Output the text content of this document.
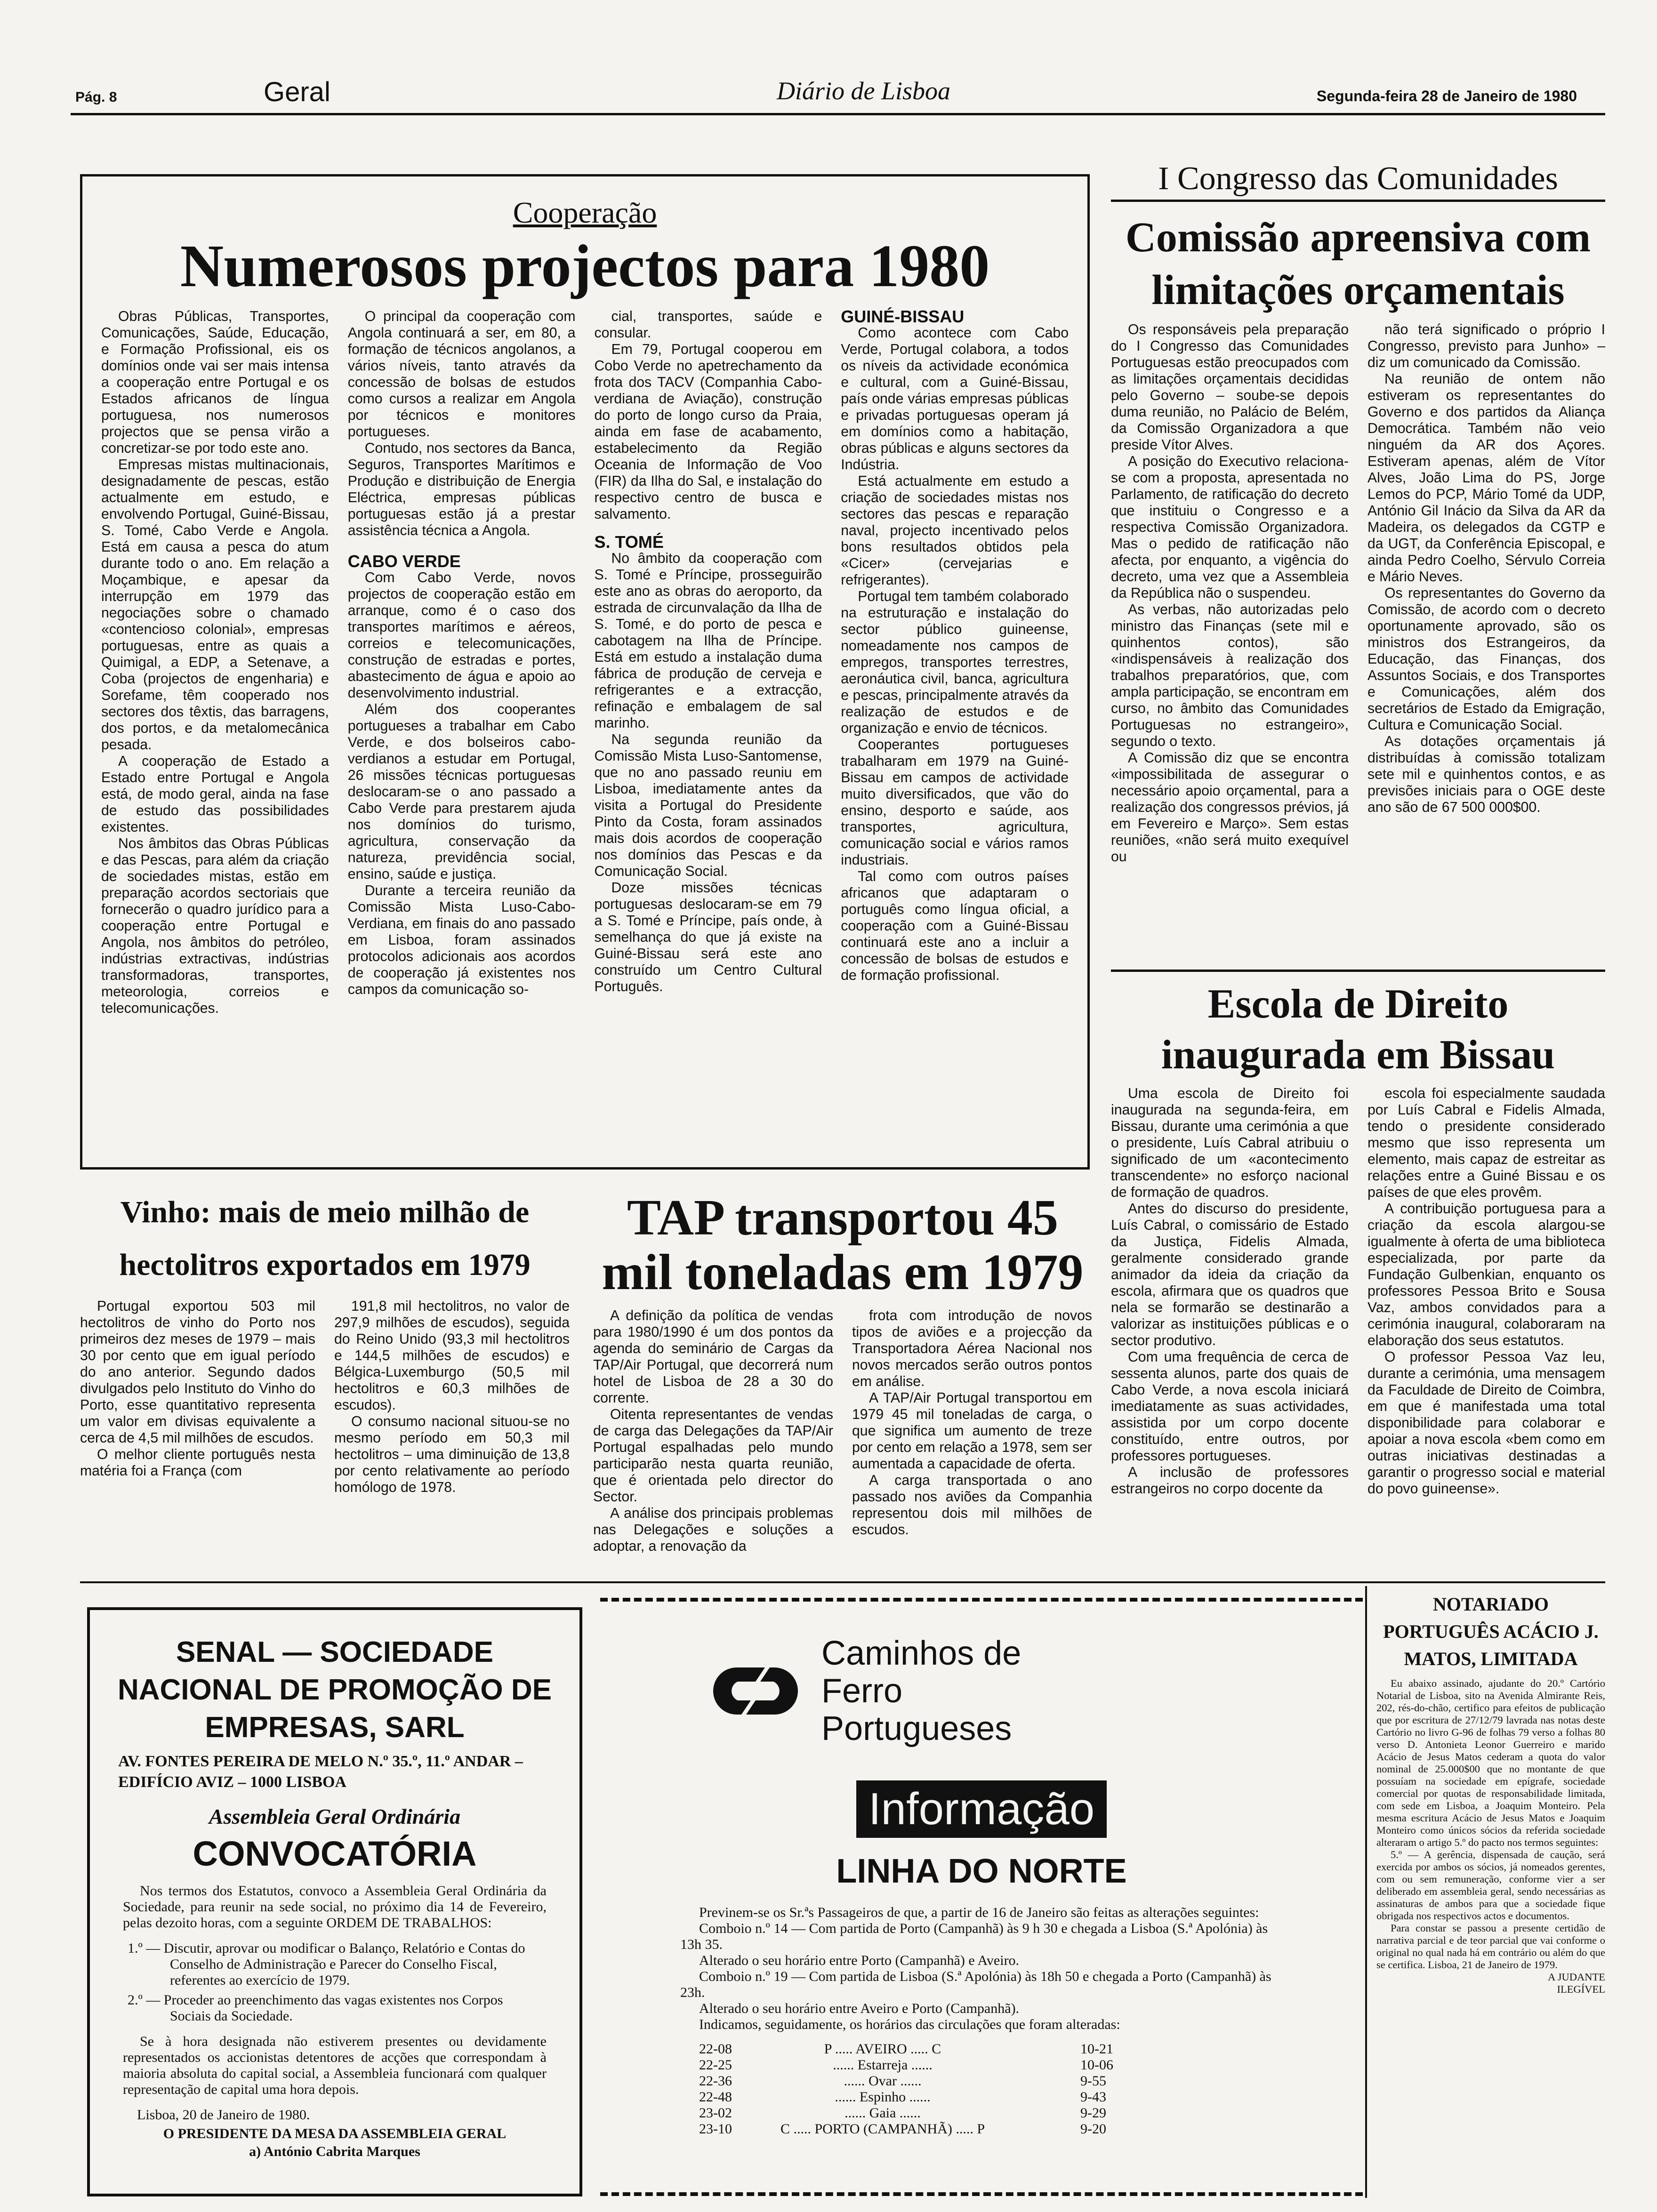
Pág. 8	Geral	Diário de Lisboa	Segunda-feira 28 de Janeiro de 1980
Cooperação
Numerosos projectos para 1980

Obras Públicas, Transportes, Comunicações, Saúde, Educação, e Formação Profissional, eis os domínios onde vai ser mais intensa a cooperação entre Portugal e os Estados africanos de língua portuguesa, nos numerosos projectos que se pensa virão a concretizar-se por todo este ano.

Empresas mistas multinacionais, designadamente de pescas, estão actualmente em estudo, e envolvendo Portugal, Guiné-Bissau, S. Tomé, Cabo Verde e Angola. Está em causa a pesca do atum durante todo o ano. Em relação a Moçambique, e apesar da interrupção em 1979 das negociações sobre o chamado «contencioso colonial», empresas portuguesas, entre as quais a Quimigal, a EDP, a Setenave, a Coba (projectos de engenharia) e Sorefame, têm cooperado nos sectores dos têxtis, das barragens, dos portos, e da metalomecânica pesada.

A cooperação de Estado a Estado entre Portugal e Angola está, de modo geral, ainda na fase de estudo das possibilidades existentes.

Nos âmbitos das Obras Públicas e das Pescas, para além da criação de sociedades mistas, estão em preparação acordos sectoriais que fornecerão o quadro jurídico para a cooperação entre Portugal e Angola, nos âmbitos do petróleo, indústrias extractivas, indústrias transformadoras, transportes, meteorologia, correios e telecomunicações.

O principal da cooperação com Angola continuará a ser, em 80, a formação de técnicos angolanos, a vários níveis, tanto através da concessão de bolsas de estudos como cursos a realizar em Angola por técnicos e monitores portugueses.

Contudo, nos sectores da Banca, Seguros, Transportes Marítimos e Produção e distribuição de Energia Eléctrica, empresas públicas portuguesas estão já a prestar assistência técnica a Angola.

CABO VERDE

Com Cabo Verde, novos projectos de cooperação estão em arranque, como é o caso dos transportes marítimos e aéreos, correios e telecomunicações, construção de estradas e portes, abastecimento de água e apoio ao desenvolvimento industrial.

Além dos cooperantes portugueses a trabalhar em Cabo Verde, e dos bolseiros cabo-verdianos a estudar em Portugal, 26 missões técnicas portuguesas deslocaram-se o ano passado a Cabo Verde para prestarem ajuda nos domínios do turismo, agricultura, conservação da natureza, previdência social, ensino, saúde e justiça.

Durante a terceira reunião da Comissão Mista Luso-Cabo-Verdiana, em finais do ano passado em Lisboa, foram assinados protocolos adicionais aos acordos de cooperação já existentes nos campos da comunicação so-

cial, transportes, saúde e consular.

Em 79, Portugal cooperou em Cobo Verde no apetrechamento da frota dos TACV (Companhia Cabo-verdiana de Aviação), construção do porto de longo curso da Praia, ainda em fase de acabamento, estabelecimento da Região Oceania de Informação de Voo (FIR) da Ilha do Sal, e instalação do respectivo centro de busca e salvamento.

S. TOMÉ

No âmbito da cooperação com S. Tomé e Príncipe, prosseguirão este ano as obras do aeroporto, da estrada de circunvalação da Ilha de S. Tomé, e do porto de pesca e cabotagem na Ilha de Príncipe. Está em estudo a instalação duma fábrica de produção de cerveja e refrigerantes e a extracção, refinação e embalagem de sal marinho.

Na segunda reunião da Comissão Mista Luso-Santomense, que no ano passado reuniu em Lisboa, imediatamente antes da visita a Portugal do Presidente Pinto da Costa, foram assinados mais dois acordos de cooperação nos domínios das Pescas e da Comunicação Social.

Doze missões técnicas portuguesas deslocaram-se em 79 a S. Tomé e Príncipe, país onde, à semelhança do que já existe na Guiné-Bissau será este ano construído um Centro Cultural Português.

GUINÉ-BISSAU

Como acontece com Cabo Verde, Portugal colabora, a todos os níveis da actividade económica e cultural, com a Guiné-Bissau, país onde várias empresas públicas e privadas portuguesas operam já em domínios como a habitação, obras públicas e alguns sectores da Indústria.

Está actualmente em estudo a criação de sociedades mistas nos sectores das pescas e reparação naval, projecto incentivado pelos bons resultados obtidos pela «Cicer» (cervejarias e refrigerantes).

Portugal tem também colaborado na estruturação e instalação do sector público guineense, nomeadamente nos campos de empregos, transportes terrestres, aeronáutica civil, banca, agricultura e pescas, principalmente através da realização de estudos e de organização e envio de técnicos.

Cooperantes portugueses trabalharam em 1979 na Guiné-Bissau em campos de actividade muito diversificados, que vão do ensino, desporto e saúde, aos transportes, agricultura, comunicação social e vários ramos industriais.

Tal como com outros países africanos que adaptaram o português como língua oficial, a cooperação com a Guiné-Bissau continuará este ano a incluir a concessão de bolsas de estudos e de formação profissional.

I Congresso das Comunidades
Comissão apreensiva com limitações orçamentais

Os responsáveis pela preparação do I Congresso das Comunidades Portuguesas estão preocupados com as limitações orçamentais decididas pelo Governo – soube-se depois duma reunião, no Palácio de Belém, da Comissão Organizadora a que preside Vítor Alves.

A posição do Executivo relaciona-se com a proposta, apresentada no Parlamento, de ratificação do decreto que instituiu o Congresso e a respectiva Comissão Organizadora. Mas o pedido de ratificação não afecta, por enquanto, a vigência do decreto, uma vez que a Assembleia da República não o suspendeu.

As verbas, não autorizadas pelo ministro das Finanças (sete mil e quinhentos contos), são «indispensáveis à realização dos trabalhos preparatórios, que, com ampla participação, se encontram em curso, no âmbito das Comunidades Portuguesas no estrangeiro», segundo o texto.

A Comissão diz que se encontra «impossibilitada de assegurar o necessário apoio orçamental, para a realização dos congressos prévios, já em Fevereiro e Março». Sem estas reuniões, «não será muito exequível ou

não terá significado o próprio I Congresso, previsto para Junho» – diz um comunicado da Comissão.

Na reunião de ontem não estiveram os representantes do Governo e dos partidos da Aliança Democrática. Também não veio ninguém da AR dos Açores. Estiveram apenas, além de Vítor Alves, João Lima do PS, Jorge Lemos do PCP, Mário Tomé da UDP, António Gil Inácio da Silva da AR da Madeira, os delegados da CGTP e da UGT, da Conferência Episcopal, e ainda Pedro Coelho, Sérvulo Correia e Mário Neves.

Os representantes do Governo da Comissão, de acordo com o decreto oportunamente aprovado, são os ministros dos Estrangeiros, da Educação, das Finanças, dos Assuntos Sociais, e dos Transportes e Comunicações, além dos secretários de Estado da Emigração, Cultura e Comunicação Social.

As dotações orçamentais já distribuídas à comissão totalizam sete mil e quinhentos contos, e as previsões iniciais para o OGE deste ano são de 67 500 000$00.

Escola de Direito inaugurada em Bissau

Uma escola de Direito foi inaugurada na segunda-feira, em Bissau, durante uma cerimónia a que o presidente, Luís Cabral atribuiu o significado de um «acontecimento transcendente» no esforço nacional de formação de quadros.

Antes do discurso do presidente, Luís Cabral, o comissário de Estado da Justiça, Fidelis Almada, geralmente considerado grande animador da ideia da criação da escola, afirmara que os quadros que nela se formarão se destinarão a valorizar as instituições públicas e o sector produtivo.

Com uma frequência de cerca de sessenta alunos, parte dos quais de Cabo Verde, a nova escola iniciará imediatamente as suas actividades, assistida por um corpo docente constituído, entre outros, por professores portugueses.

A inclusão de professores estrangeiros no corpo docente da

escola foi especialmente saudada por Luís Cabral e Fidelis Almada, tendo o presidente considerado mesmo que isso representa um elemento, mais capaz de estreitar as relações entre a Guiné Bissau e os países de que eles provêm.

A contribuição portuguesa para a criação da escola alargou-se igualmente à oferta de uma biblioteca especializada, por parte da Fundação Gulbenkian, enquanto os professores Pessoa Brito e Sousa Vaz, ambos convidados para a cerimónia inaugural, colaboraram na elaboração dos seus estatutos.

O professor Pessoa Vaz leu, durante a cerimónia, uma mensagem da Faculdade de Direito de Coimbra, em que é manifestada uma total disponibilidade para colaborar e apoiar a nova escola «bem como em outras iniciativas destinadas a garantir o progresso social e material do povo guineense».

Vinho: mais de meio milhão de hectolitros exportados em 1979

Portugal exportou 503 mil hectolitros de vinho do Porto nos primeiros dez meses de 1979 – mais 30 por cento que em igual período do ano anterior. Segundo dados divulgados pelo Instituto do Vinho do Porto, esse quantitativo representa um valor em divisas equivalente a cerca de 4,5 mil milhões de escudos.

O melhor cliente português nesta matéria foi a França (com

191,8 mil hectolitros, no valor de 297,9 milhões de escudos), seguida do Reino Unido (93,3 mil hectolitros e 144,5 milhões de escudos) e Bélgica-Luxemburgo (50,5 mil hectolitros e 60,3 milhões de escudos).

O consumo nacional situou-se no mesmo período em 50,3 mil hectolitros – uma diminuição de 13,8 por cento relativamente ao período homólogo de 1978.

TAP transportou 45 mil toneladas em 1979

A definição da política de vendas para 1980/1990 é um dos pontos da agenda do seminário de Cargas da TAP/Air Portugal, que decorrerá num hotel de Lisboa de 28 a 30 do corrente.

Oitenta representantes de vendas de carga das Delegações da TAP/Air Portugal espalhadas pelo mundo participarão nesta quarta reunião, que é orientada pelo director do Sector.

A análise dos principais problemas nas Delegações e soluções a adoptar, a renovação da

frota com introdução de novos tipos de aviões e a projecção da Transportadora Aérea Nacional nos novos mercados serão outros pontos em análise.

A TAP/Air Portugal transportou em 1979 45 mil toneladas de carga, o que significa um aumento de treze por cento em relação a 1978, sem ser aumentada a capacidade de oferta.

A carga transportada o ano passado nos aviões da Companhia representou dois mil milhões de escudos.

SENAL — SOCIEDADE NACIONAL DE PROMOÇÃO DE EMPRESAS, SARL
AV. FONTES PEREIRA DE MELO N.º 35.º, 11.º ANDAR – EDIFÍCIO AVIZ – 1000 LISBOA
Assembleia Geral Ordinária
CONVOCATÓRIA
Nos termos dos Estatutos, convoco a Assembleia Geral Ordinária da Sociedade, para reunir na sede social, no próximo dia 14 de Fevereiro, pelas dezoito horas, com a seguinte ORDEM DE TRABALHOS:
1.º — Discutir, aprovar ou modificar o Balanço, Relatório e Contas do Conselho de Administração e Parecer do Conselho Fiscal, referentes ao exercício de 1979.
2.º — Proceder ao preenchimento das vagas existentes nos Corpos Sociais da Sociedade.
Se à hora designada não estiverem presentes ou devidamente representados os accionistas detentores de acções que correspondam à maioria absoluta do capital social, a Assembleia funcionará com qualquer representação de capital uma hora depois.
Lisboa, 20 de Janeiro de 1980.
O PRESIDENTE DA MESA DA ASSEMBLEIA GERAL
a) António Cabrita Marques
Caminhos de Ferro Portugueses
Informação
LINHA DO NORTE
Previnem-se os Sr.ªs Passageiros de que, a partir de 16 de Janeiro são feitas as alterações seguintes:
Comboio n.º 14 — Com partida de Porto (Campanhã) às 9 h 30 e chegada a Lisboa (S.ª Apolónia) às 13h 35.
Alterado o seu horário entre Porto (Campanhã) e Aveiro.
Comboio n.º 19 — Com partida de Lisboa (S.ª Apolónia) às 18h 50 e chegada a Porto (Campanhã) às 23h.
Alterado o seu horário entre Aveiro e Porto (Campanhã).
Indicamos, seguidamente, os horários das circulações que foram alteradas:
22-08	P ..... AVEIRO ..... C	10-21
22-25	...... Estarreja ......	10-06
22-36	...... Ovar ......	9-55
22-48	...... Espinho ......	9-43
23-02	...... Gaia ......	9-29
23-10	C ..... PORTO (CAMPANHÃ) ..... P	9-20
NOTARIADO PORTUGUÊS ACÁCIO J. MATOS, LIMITADA

Eu abaixo assinado, ajudante do 20.º Cartório Notarial de Lisboa, sito na Avenida Almirante Reis, 202, rés-do-chão, certifico para efeitos de publicação que por escritura de 27/12/79 lavrada nas notas deste Cartório no livro G-96 de folhas 79 verso a folhas 80 verso D. Antonieta Leonor Guerreiro e marido Acácio de Jesus Matos cederam a quota do valor nominal de 25.000$00 que no montante de que possuíam na sociedade em epígrafe, sociedade comercial por quotas de responsabilidade limitada, com sede em Lisboa, a Joaquim Monteiro. Pela mesma escritura Acácio de Jesus Matos e Joaquim Monteiro como únicos sócios da referida sociedade alteraram o artigo 5.º do pacto nos termos seguintes:

5.º — A gerência, dispensada de caução, será exercida por ambos os sócios, já nomeados gerentes, com ou sem remuneração, conforme vier a ser deliberado em assembleia geral, sendo necessárias as assinaturas de ambos para que a sociedade fique obrigada nos respectivos actos e documentos.

Para constar se passou a presente certidão de narrativa parcial e de teor parcial que vai conforme o original no qual nada há em contrário ou além do que se certifica. Lisboa, 21 de Janeiro de 1979.

A JUDANTE

ILEGÍVEL
